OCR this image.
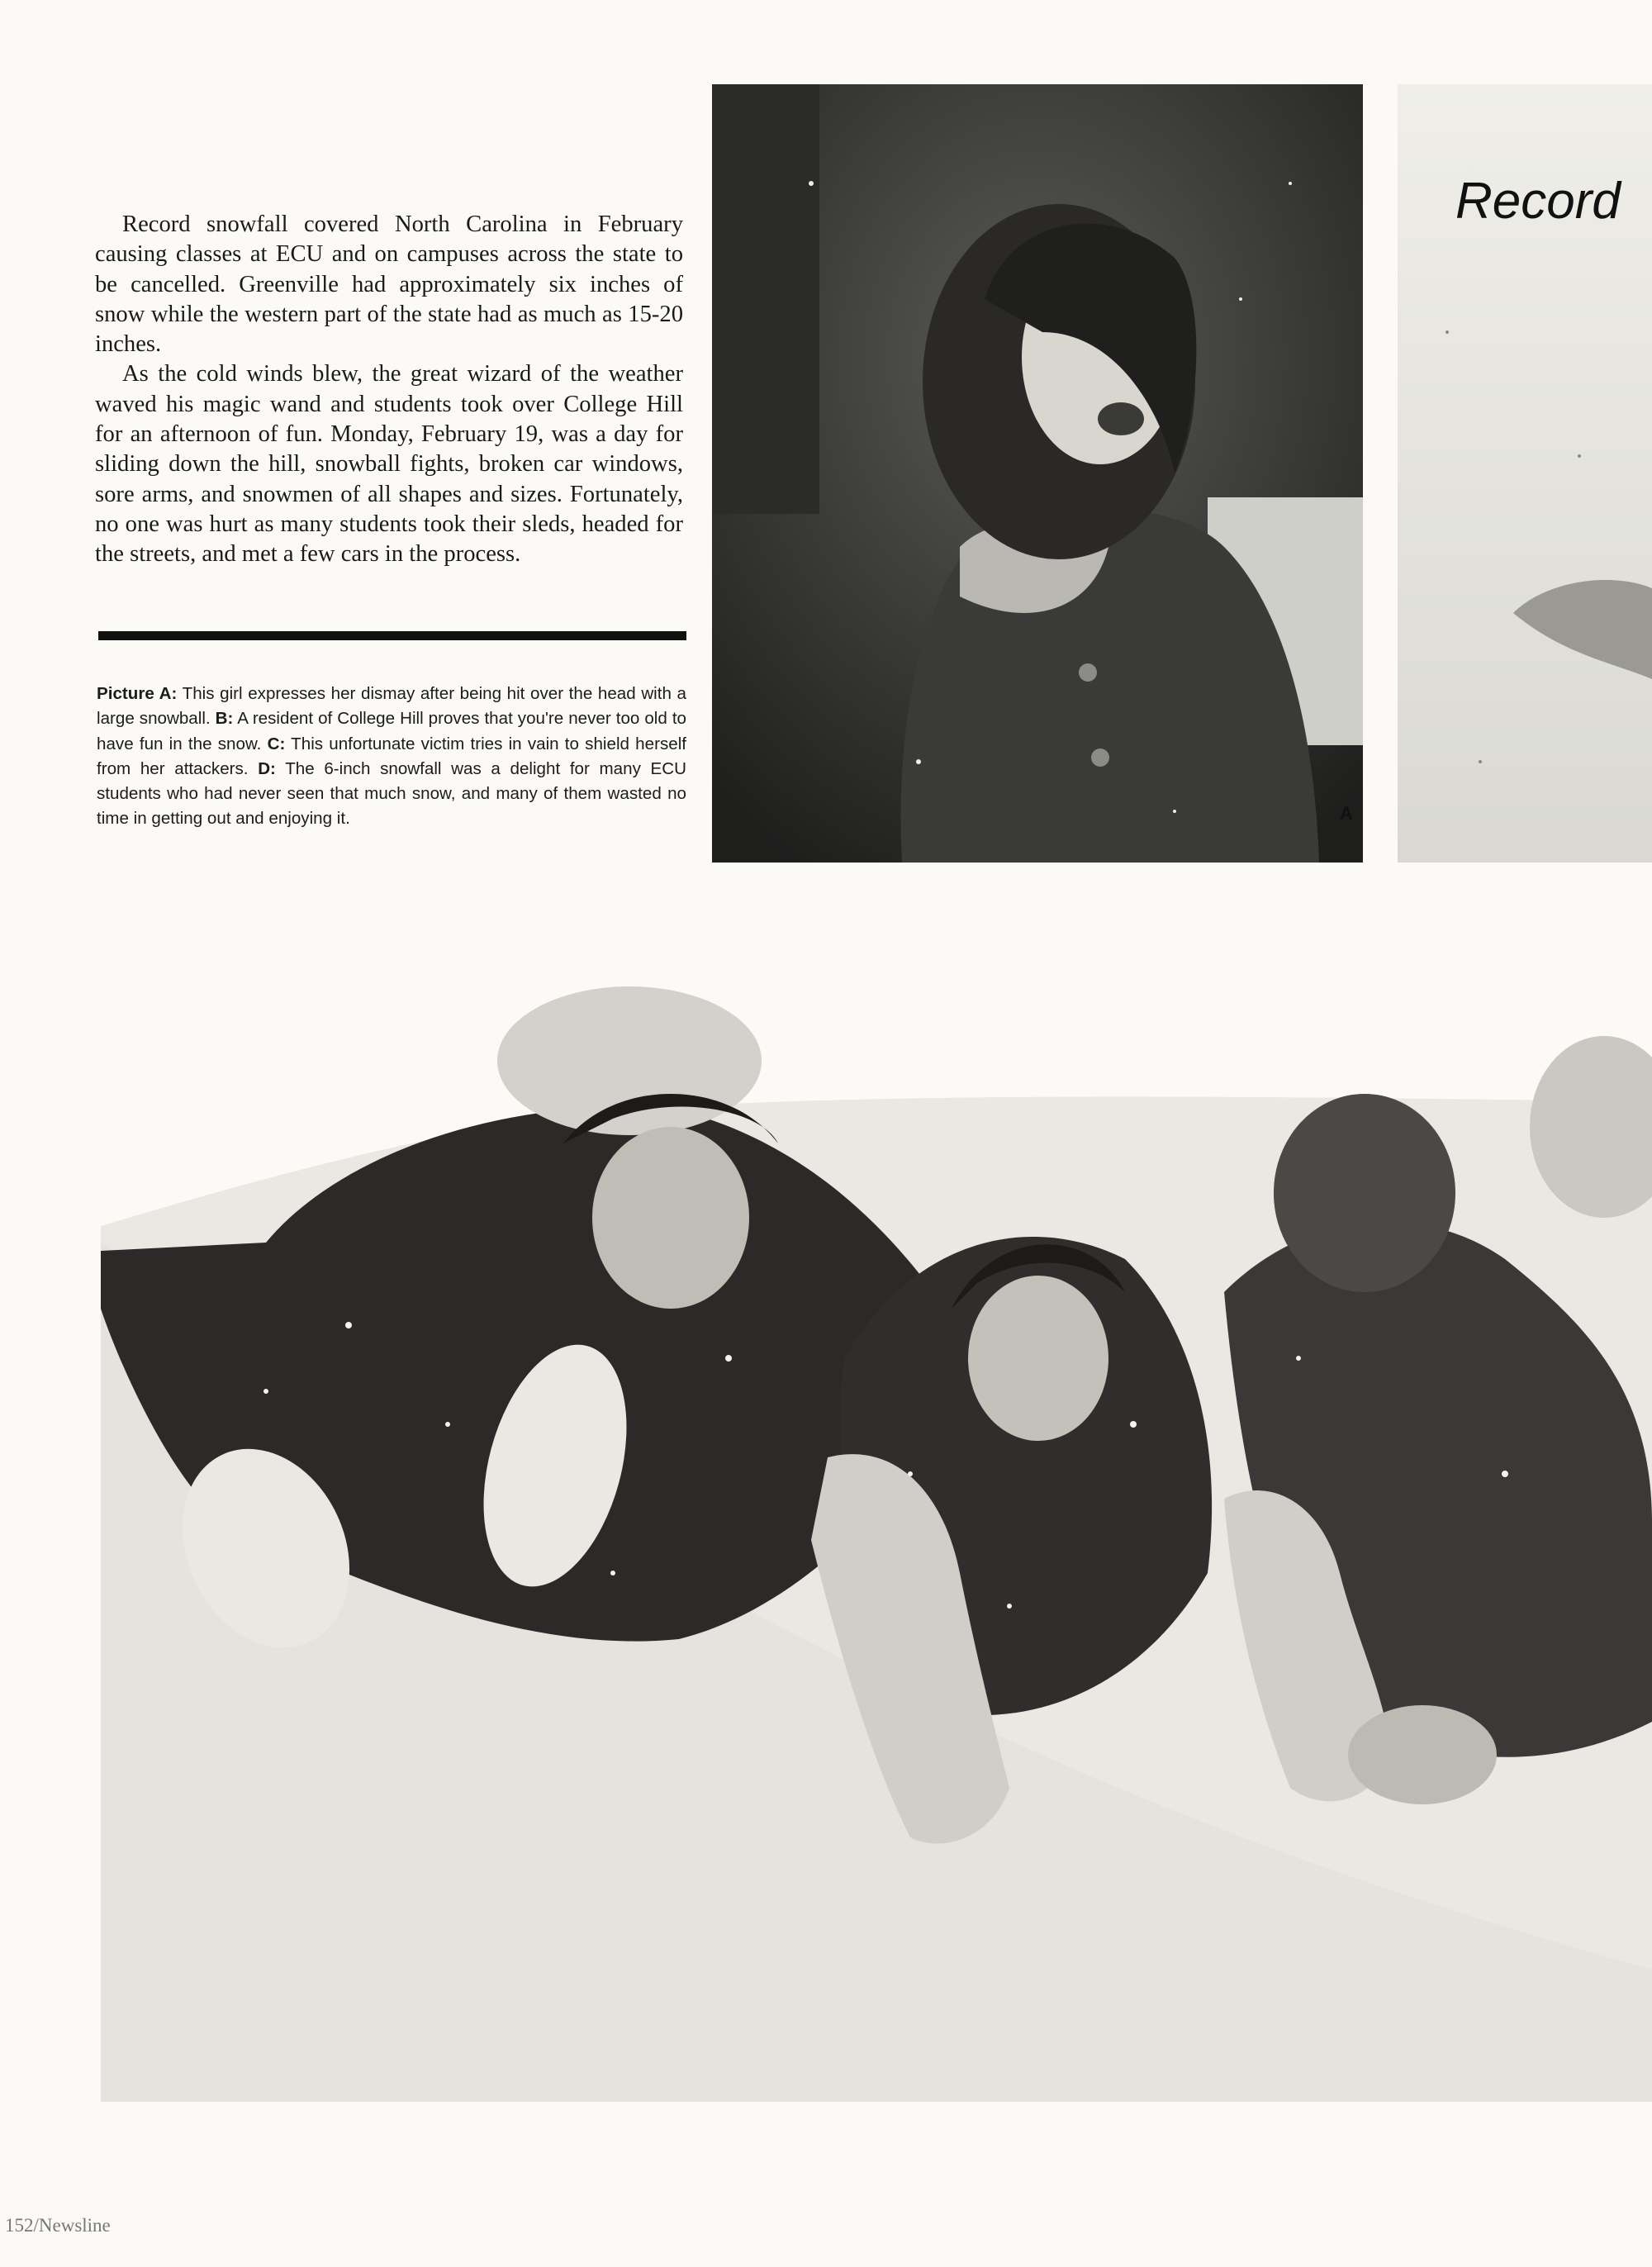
Record snowfall covered North Carolina in February causing classes at ECU and on campuses across the state to be cancelled. Greenville had approximately six inches of snow while the western part of the state had as much as 15-20 inches.

As the cold winds blew, the great wizard of the weather waved his magic wand and students took over College Hill for an afternoon of fun. Monday, February 19, was a day for sliding down the hill, snowball fights, broken car windows, sore arms, and snowmen of all shapes and sizes. Fortunately, no one was hurt as many students took their sleds, headed for the streets, and met a few cars in the process.

Picture A: This girl expresses her dismay after being hit over the head with a large snowball. B: A resident of College Hill proves that you're never too old to have fun in the snow. C: This unfortunate victim tries in vain to shield herself from her attackers. D: The 6-inch snowfall was a delight for many ECU students who had never seen that much snow, and many of them wasted no time in getting out and enjoying it.	A
Record
152/Newsline
